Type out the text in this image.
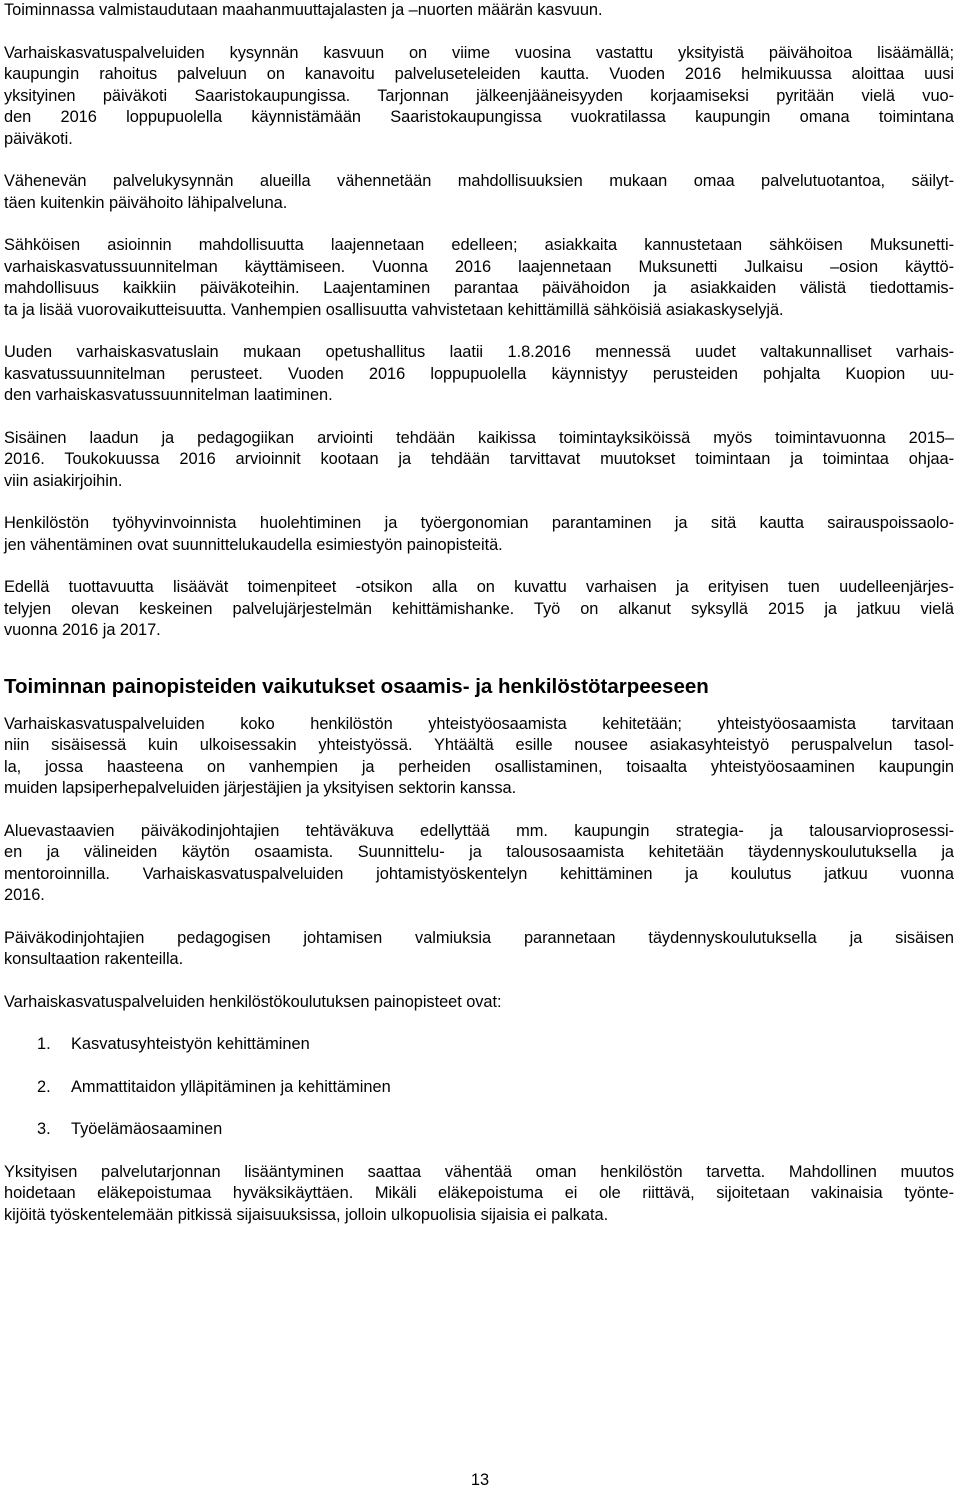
Toiminnassa valmistaudutaan maahanmuuttajalasten ja –nuorten määrän kasvuun.

Varhaiskasvatuspalveluiden kysynnän kasvuun on viime vuosina vastattu yksityistä päivähoitoa lisäämällä;
kaupungin rahoitus palveluun on kanavoitu palveluseteleiden kautta. Vuoden 2016 helmikuussa aloittaa uusi
yksityinen päiväkoti Saaristokaupungissa. Tarjonnan jälkeenjääneisyyden korjaamiseksi pyritään vielä vuo-
den 2016 loppupuolella käynnistämään Saaristokaupungissa vuokratilassa kaupungin omana toimintana
päiväkoti.

Vähenevän palvelukysynnän alueilla vähennetään mahdollisuuksien mukaan omaa palvelutuotantoa, säilyt-
täen kuitenkin päivähoito lähipalveluna.

Sähköisen asioinnin mahdollisuutta laajennetaan edelleen; asiakkaita kannustetaan sähköisen Muksunetti-
varhaiskasvatussuunnitelman käyttämiseen. Vuonna 2016 laajennetaan Muksunetti Julkaisu –osion käyttö-
mahdollisuus kaikkiin päiväkoteihin. Laajentaminen parantaa päivähoidon ja asiakkaiden välistä tiedottamis-
ta ja lisää vuorovaikutteisuutta. Vanhempien osallisuutta vahvistetaan kehittämillä sähköisiä asiakaskyselyjä.

Uuden varhaiskasvatuslain mukaan opetushallitus laatii 1.8.2016 mennessä uudet valtakunnalliset varhais-
kasvatussuunnitelman perusteet. Vuoden 2016 loppupuolella käynnistyy perusteiden pohjalta Kuopion uu-
den varhaiskasvatussuunnitelman laatiminen.

Sisäinen laadun ja pedagogiikan arviointi tehdään kaikissa toimintayksiköissä myös toimintavuonna 2015–
2016. Toukokuussa 2016 arvioinnit kootaan ja tehdään tarvittavat muutokset toimintaan ja toimintaa ohjaa-
viin asiakirjoihin.

Henkilöstön työhyvinvoinnista huolehtiminen ja työergonomian parantaminen ja sitä kautta sairauspoissaolo-
jen vähentäminen ovat suunnittelukaudella esimiestyön painopisteitä.

Edellä tuottavuutta lisäävät toimenpiteet -otsikon alla on kuvattu varhaisen ja erityisen tuen uudelleenjärjes-
telyjen olevan keskeinen palvelujärjestelmän kehittämishanke. Työ on alkanut syksyllä 2015 ja jatkuu vielä
vuonna 2016 ja 2017.

Toiminnan painopisteiden vaikutukset osaamis- ja henkilöstötarpeeseen

Varhaiskasvatuspalveluiden koko henkilöstön yhteistyöosaamista kehitetään; yhteistyöosaamista tarvitaan
niin sisäisessä kuin ulkoisessakin yhteistyössä. Yhtäältä esille nousee asiakasyhteistyö peruspalvelun tasol-
la, jossa haasteena on vanhempien ja perheiden osallistaminen, toisaalta yhteistyöosaaminen kaupungin
muiden lapsiperhepalveluiden järjestäjien ja yksityisen sektorin kanssa.

Aluevastaavien päiväkodinjohtajien tehtäväkuva edellyttää mm. kaupungin strategia- ja talousarvioprosessi-
en ja välineiden käytön osaamista. Suunnittelu- ja talousosaamista kehitetään täydennyskoulutuksella ja
mentoroinnilla. Varhaiskasvatuspalveluiden johtamistyöskentelyn kehittäminen ja koulutus jatkuu vuonna
2016.

Päiväkodinjohtajien pedagogisen johtamisen valmiuksia parannetaan täydennyskoulutuksella ja sisäisen
konsultaation rakenteilla.

Varhaiskasvatuspalveluiden henkilöstökoulutuksen painopisteet ovat:

1.	Kasvatusyhteistyön kehittäminen
2.	Ammattitaidon ylläpitäminen ja kehittäminen
3.	Työelämäosaaminen

Yksityisen palvelutarjonnan lisääntyminen saattaa vähentää oman henkilöstön tarvetta. Mahdollinen muutos
hoidetaan eläkepoistumaa hyväksikäyttäen. Mikäli eläkepoistuma ei ole riittävä, sijoitetaan vakinaisia työnte-
kijöitä työskentelemään pitkissä sijaisuuksissa, jolloin ulkopuolisia sijaisia ei palkata.

13
